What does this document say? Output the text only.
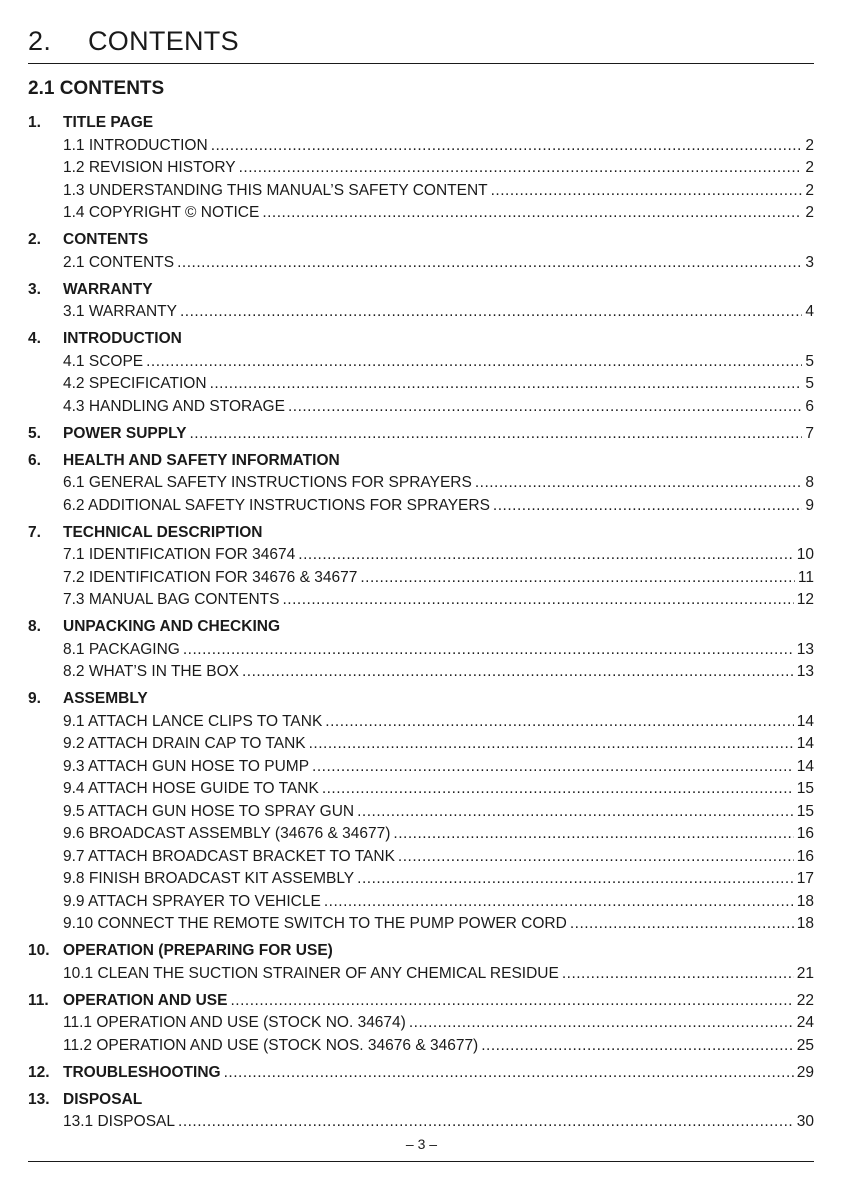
2. CONTENTS
2.1 CONTENTS
1.	TITLE PAGE
1.1 INTRODUCTION .....	2
1.2 REVISION HISTORY .....	2
1.3 UNDERSTANDING THIS MANUAL’S SAFETY CONTENT .....	2
1.4 COPYRIGHT © NOTICE .....	2
2.	CONTENTS
2.1 CONTENTS .....	3
3.	WARRANTY
3.1 WARRANTY .....	4
4.	INTRODUCTION
4.1 SCOPE .....	5
4.2 SPECIFICATION .....	5
4.3 HANDLING AND STORAGE .....	6
5.	POWER SUPPLY .....	7
6.	HEALTH AND SAFETY INFORMATION
6.1 GENERAL SAFETY INSTRUCTIONS FOR SPRAYERS .....	8
6.2 ADDITIONAL SAFETY INSTRUCTIONS FOR SPRAYERS .....	9
7.	TECHNICAL DESCRIPTION
7.1 IDENTIFICATION FOR 34674 .....	10
7.2 IDENTIFICATION FOR 34676 & 34677 .....	11
7.3 MANUAL BAG CONTENTS .....	12
8.	UNPACKING AND CHECKING
8.1 PACKAGING .....	13
8.2 WHAT’S IN THE BOX .....	13
9.	ASSEMBLY
9.1 ATTACH LANCE CLIPS TO TANK .....	14
9.2 ATTACH DRAIN CAP TO TANK .....	14
9.3 ATTACH GUN HOSE TO PUMP .....	14
9.4 ATTACH HOSE GUIDE TO TANK .....	15
9.5 ATTACH GUN HOSE TO SPRAY GUN .....	15
9.6 BROADCAST ASSEMBLY (34676 & 34677) .....	16
9.7 ATTACH BROADCAST BRACKET TO TANK .....	16
9.8 FINISH BROADCAST KIT ASSEMBLY .....	17
9.9 ATTACH SPRAYER TO VEHICLE .....	18
9.10 CONNECT THE REMOTE SWITCH TO THE PUMP POWER CORD .....	18
10. OPERATION (PREPARING FOR USE)
10.1 CLEAN THE SUCTION STRAINER OF ANY CHEMICAL RESIDUE .....	21
11. OPERATION AND USE .....	22
11.1 OPERATION AND USE (STOCK NO. 34674) .....	24
11.2 OPERATION AND USE (STOCK NOS. 34676 & 34677) .....	25
12. TROUBLESHOOTING .....	29
13. DISPOSAL
13.1 DISPOSAL .....	30
– 3 –
